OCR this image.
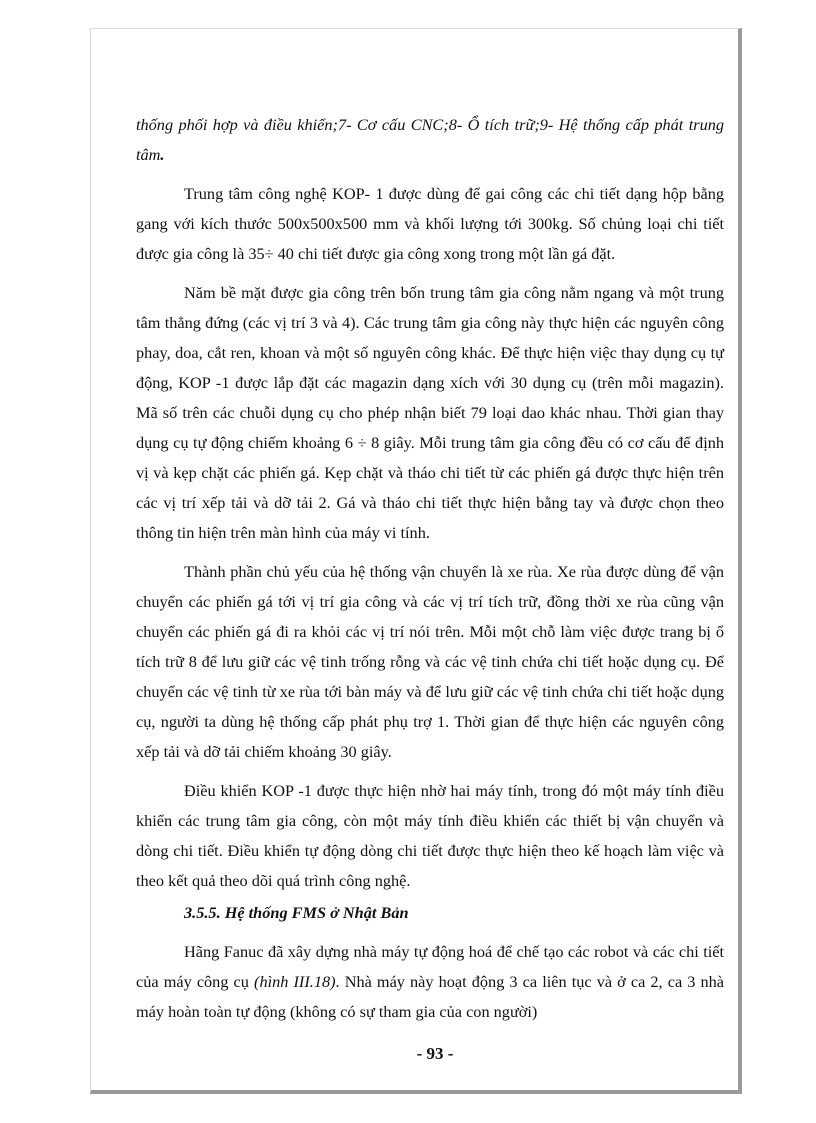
thống phối hợp và điều khiển;7- Cơ cấu CNC;8- Ổ tích trữ;9- Hệ thống cấp phát trung tâm.

Trung tâm công nghệ KOP- 1 được dùng để gai công các chi tiết dạng hộp bằng gang với kích thước 500x500x500 mm và khối lượng tới 300kg. Số chủng loại chi tiết được gia công là 35÷ 40 chi tiết được gia công xong trong một lần gá đặt.

Năm bề mặt được gia công trên bốn trung tâm gia công nằm ngang và một trung tâm thẳng đứng (các vị trí 3 và 4). Các trung tâm gia công này thực hiện các nguyên công phay, doa, cắt ren, khoan và một số nguyên công khác. Để thực hiện việc thay dụng cụ tự động, KOP -1 được lắp đặt các magazin dạng xích với 30 dụng cụ (trên mỗi magazin). Mã số trên các chuỗi dụng cụ cho phép nhận biết 79 loại dao khác nhau. Thời gian thay dụng cụ tự động chiếm khoảng 6 ÷ 8 giây. Mỗi trung tâm gia công đều có cơ cấu để định vị và kẹp chặt các phiến gá. Kẹp chặt và tháo chi tiết từ các phiến gá được thực hiện trên các vị trí xếp tải và dỡ tải 2. Gá và tháo chi tiết thực hiện bằng tay và được chọn theo thông tin hiện trên màn hình của máy vi tính.

Thành phần chủ yếu của hệ thống vận chuyển là xe rùa. Xe rùa được dùng để vận chuyển các phiến gá tới vị trí gia công và các vị trí tích trữ, đồng thời xe rùa cũng vận chuyển các phiến gá đi ra khỏi các vị trí nói trên. Mỗi một chỗ làm việc được trang bị ổ tích trữ 8 để lưu giữ các vệ tinh trống rỗng và các vệ tinh chứa chi tiết hoặc dụng cụ. Để chuyển các vệ tinh từ xe rùa tới bàn máy và để lưu giữ các vệ tinh chứa chi tiết hoặc dụng cụ, người ta dùng hệ thống cấp phát phụ trợ 1. Thời gian để thực hiện các nguyên công xếp tải và dỡ tải chiếm khoảng 30 giây.

Điều khiển KOP -1 được thực hiện nhờ hai máy tính, trong đó một máy tính điều khiển các trung tâm gia công, còn một máy tính điều khiển các thiết bị vận chuyển và dòng chi tiết. Điều khiển tự động dòng chi tiết được thực hiện theo kế hoạch làm việc và theo kết quả theo dõi quá trình công nghệ.

3.5.5. Hệ thống FMS ở Nhật Bản

Hãng Fanuc đã xây dựng nhà máy tự động hoá để chế tạo các robot và các chi tiết của máy công cụ (hình III.18). Nhà máy này hoạt động 3 ca liên tục và ở ca 2, ca 3 nhà máy hoàn toàn tự động (không có sự tham gia của con người)

- 93 -
